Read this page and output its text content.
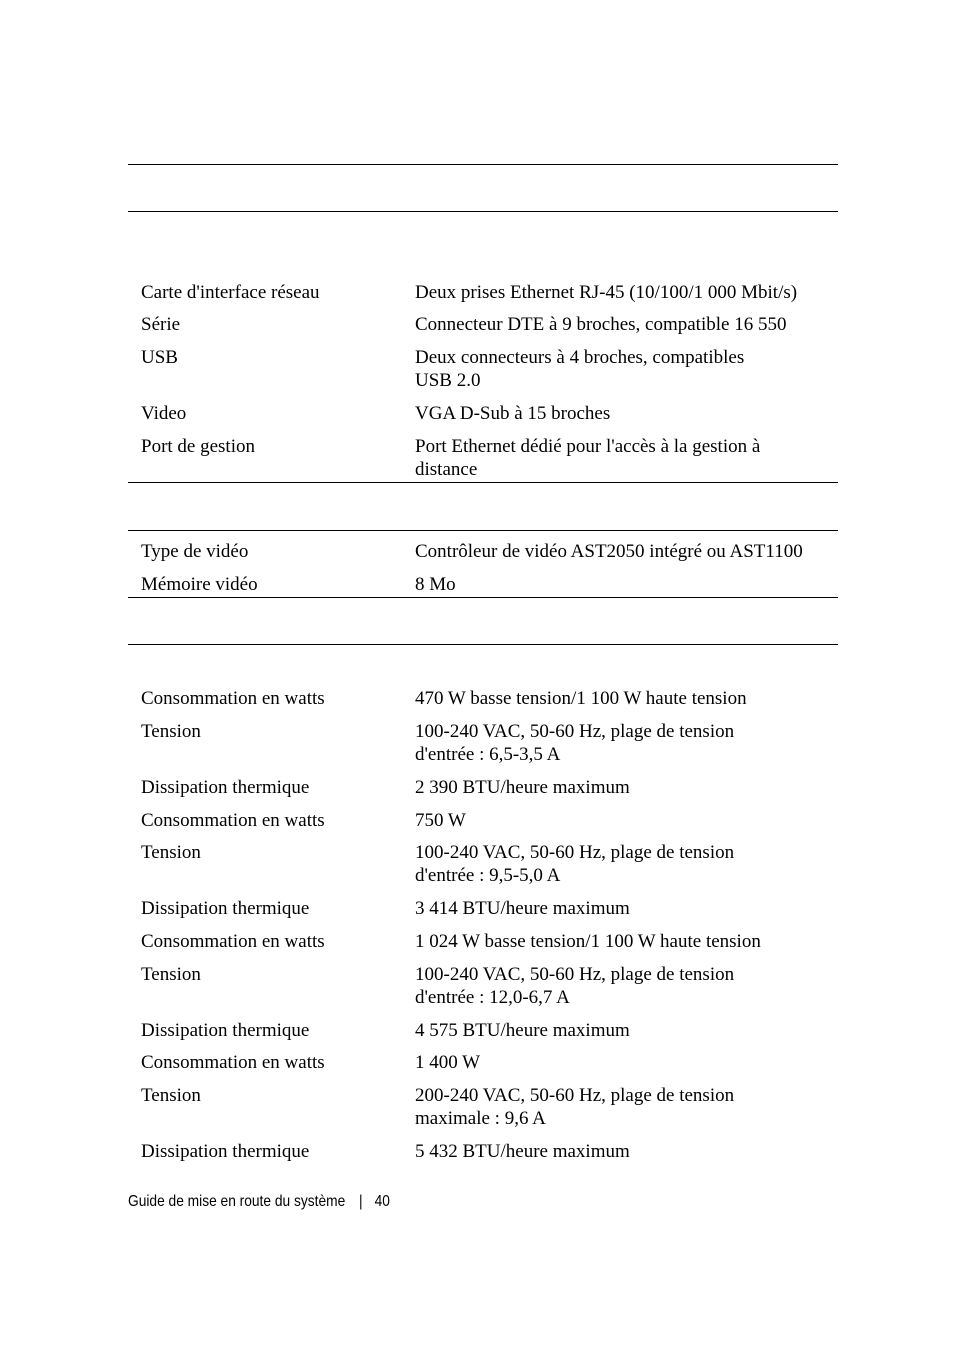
Carte d'interface réseau	Deux prises Ethernet RJ-45 (10/100/1 000 Mbit/s)
Série	Connecteur DTE à 9 broches, compatible 16 550
USB	Deux connecteurs à 4 broches, compatibles
USB 2.0
Video	VGA D-Sub à 15 broches
Port de gestion	Port Ethernet dédié pour l'accès à la gestion à
distance
Type de vidéo	Contrôleur de vidéo AST2050 intégré ou AST1100
Mémoire vidéo	8 Mo
Consommation en watts	470 W basse tension/1 100 W haute tension
Tension	100-240 VAC, 50-60 Hz, plage de tension
d'entrée : 6,5-3,5 A
Dissipation thermique	2 390 BTU/heure maximum
Consommation en watts	750 W
Tension	100-240 VAC, 50-60 Hz, plage de tension
d'entrée : 9,5-5,0 A
Dissipation thermique	3 414 BTU/heure maximum
Consommation en watts	1 024 W basse tension/1 100 W haute tension
Tension	100-240 VAC, 50-60 Hz, plage de tension
d'entrée : 12,0-6,7 A
Dissipation thermique	4 575 BTU/heure maximum
Consommation en watts	1 400 W
Tension	200-240 VAC, 50-60 Hz, plage de tension
maximale : 9,6 A
Dissipation thermique	5 432 BTU/heure maximum
Guide de mise en route du système | 40
